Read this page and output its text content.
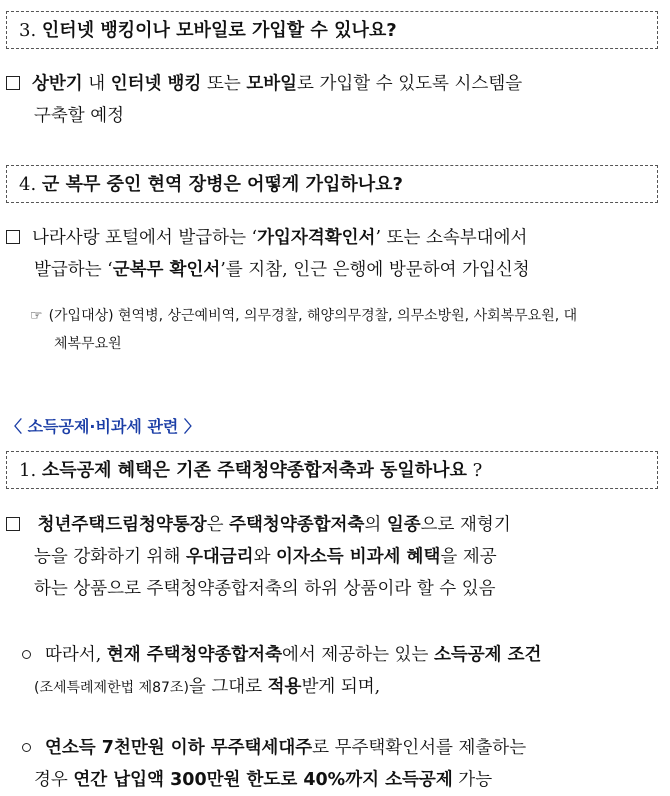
3. 인터넷 뱅킹이나 모바일로 가입할 수 있나요?
상반기 내 인터넷 뱅킹 또는 모바일로 가입할 수 있도록 시스템을
구축할 예정
4. 군 복무 중인 현역 장병은 어떻게 가입하나요?
나라사랑 포털에서 발급하는 ‘가입자격확인서’ 또는 소속부대에서
발급하는 ‘군복무 확인서’를 지참, 인근 은행에 방문하여 가입신청
☞ (가입대상) 현역병, 상근예비역, 의무경찰, 해양의무경찰, 의무소방원, 사회복무요원, 대
체복무요원
〈 소득공제·비과세 관련 〉
1. 소득공제 혜택은 기존 주택청약종합저축과 동일하나요 ?
청년주택드림청약통장은 주택청약종합저축의 일종으로 재형기
능을 강화하기 위해 우대금리와 이자소득 비과세 혜택을 제공
하는 상품으로 주택청약종합저축의 하위 상품이라 할 수 있음
따라서, 현재 주택청약종합저축에서 제공하는 있는 소득공제 조건
(조세특례제한법 제87조)을 그대로 적용받게 되며,
연소득 7천만원 이하 무주택세대주로 무주택확인서를 제출하는
경우 연간 납입액 300만원 한도로 40%까지 소득공제 가능
